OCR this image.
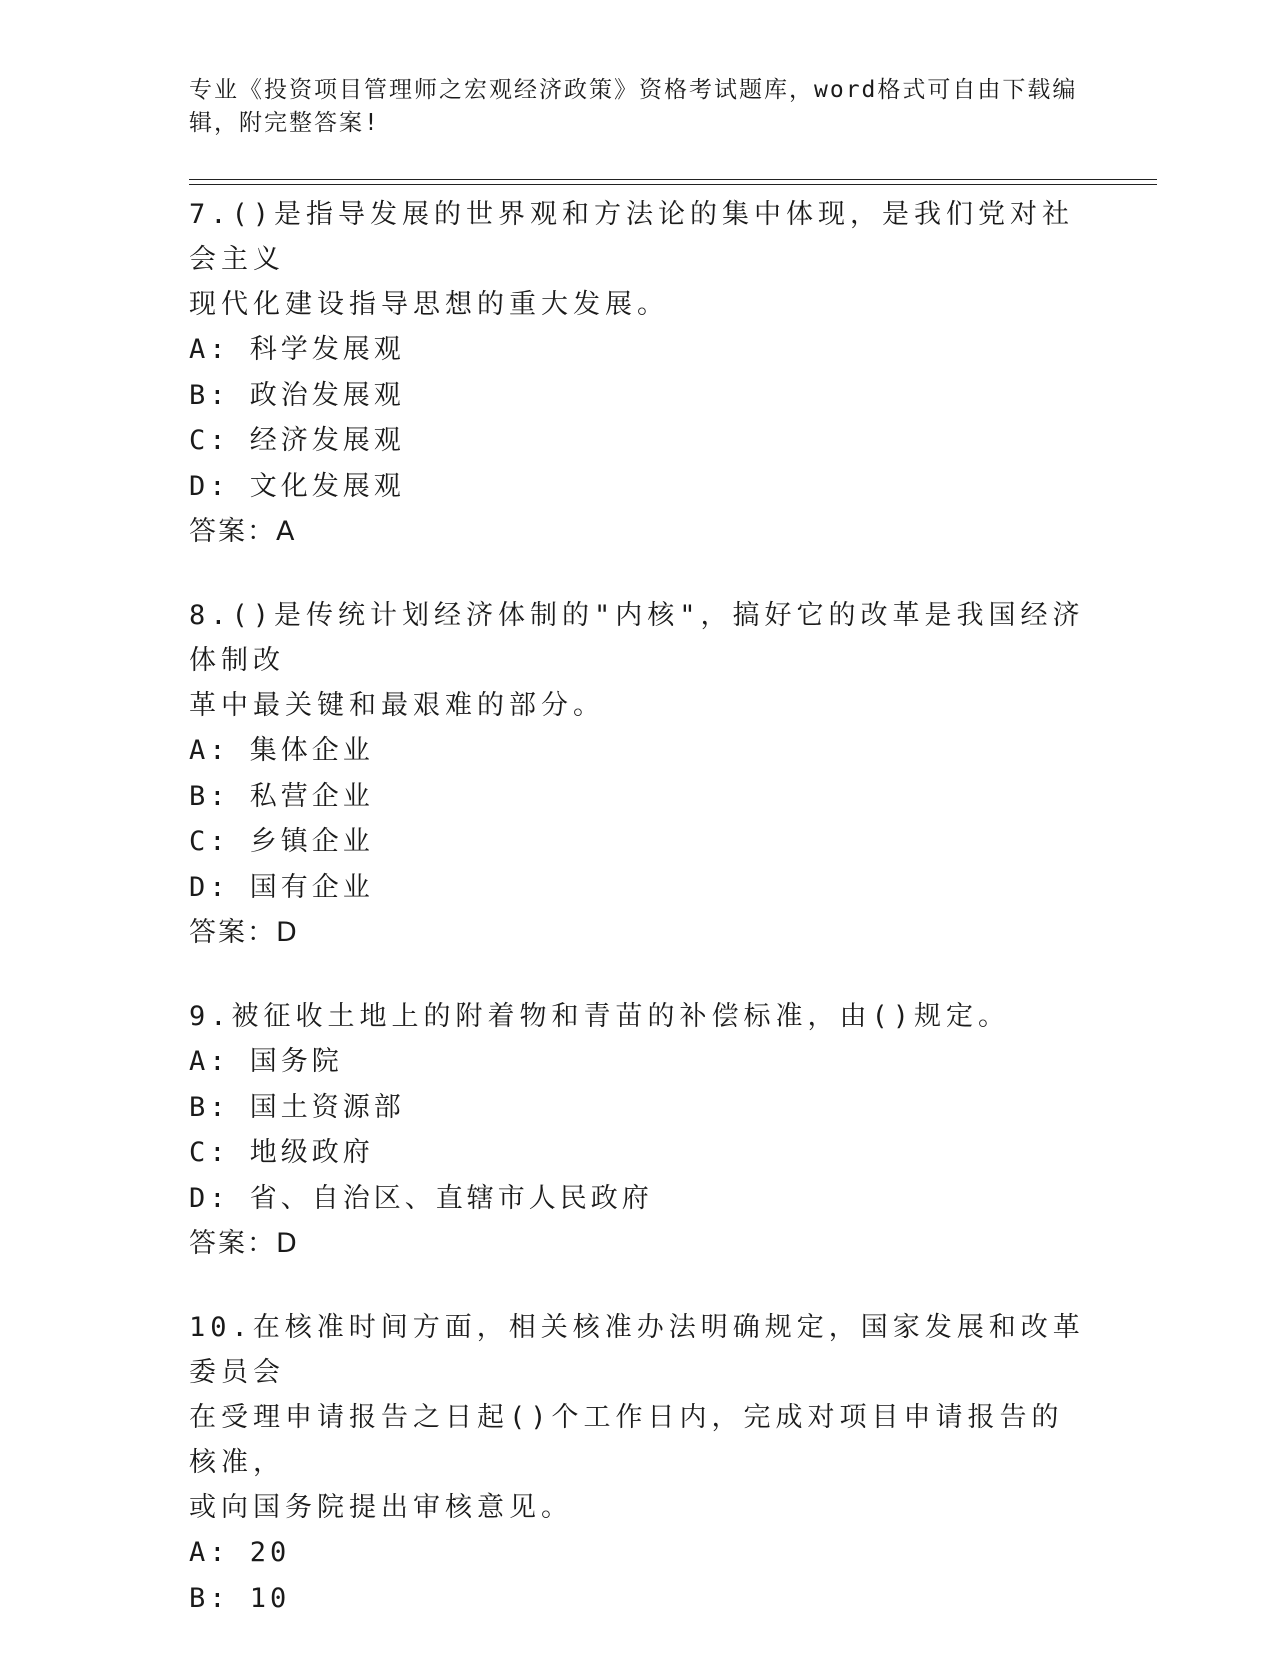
专业《投资项目管理师之宏观经济政策》资格考试题库，word格式可自由下载编
辑，附完整答案!

7.()是指导发展的世界观和方法论的集中体现，是我们党对社会主义

现代化建设指导思想的重大发展。

A: 科学发展观

B: 政治发展观

C: 经济发展观

D: 文化发展观

答案：A

8.()是传统计划经济体制的"内核"，搞好它的改革是我国经济体制改

革中最关键和最艰难的部分。

A: 集体企业

B: 私营企业

C: 乡镇企业

D: 国有企业

答案：D

9.被征收土地上的附着物和青苗的补偿标准，由()规定。

A: 国务院

B: 国土资源部

C: 地级政府

D: 省、自治区、直辖市人民政府

答案：D

10.在核准时间方面，相关核准办法明确规定，国家发展和改革委员会

在受理申请报告之日起()个工作日内，完成对项目申请报告的核准，

或向国务院提出审核意见。

A: 20

B: 10
